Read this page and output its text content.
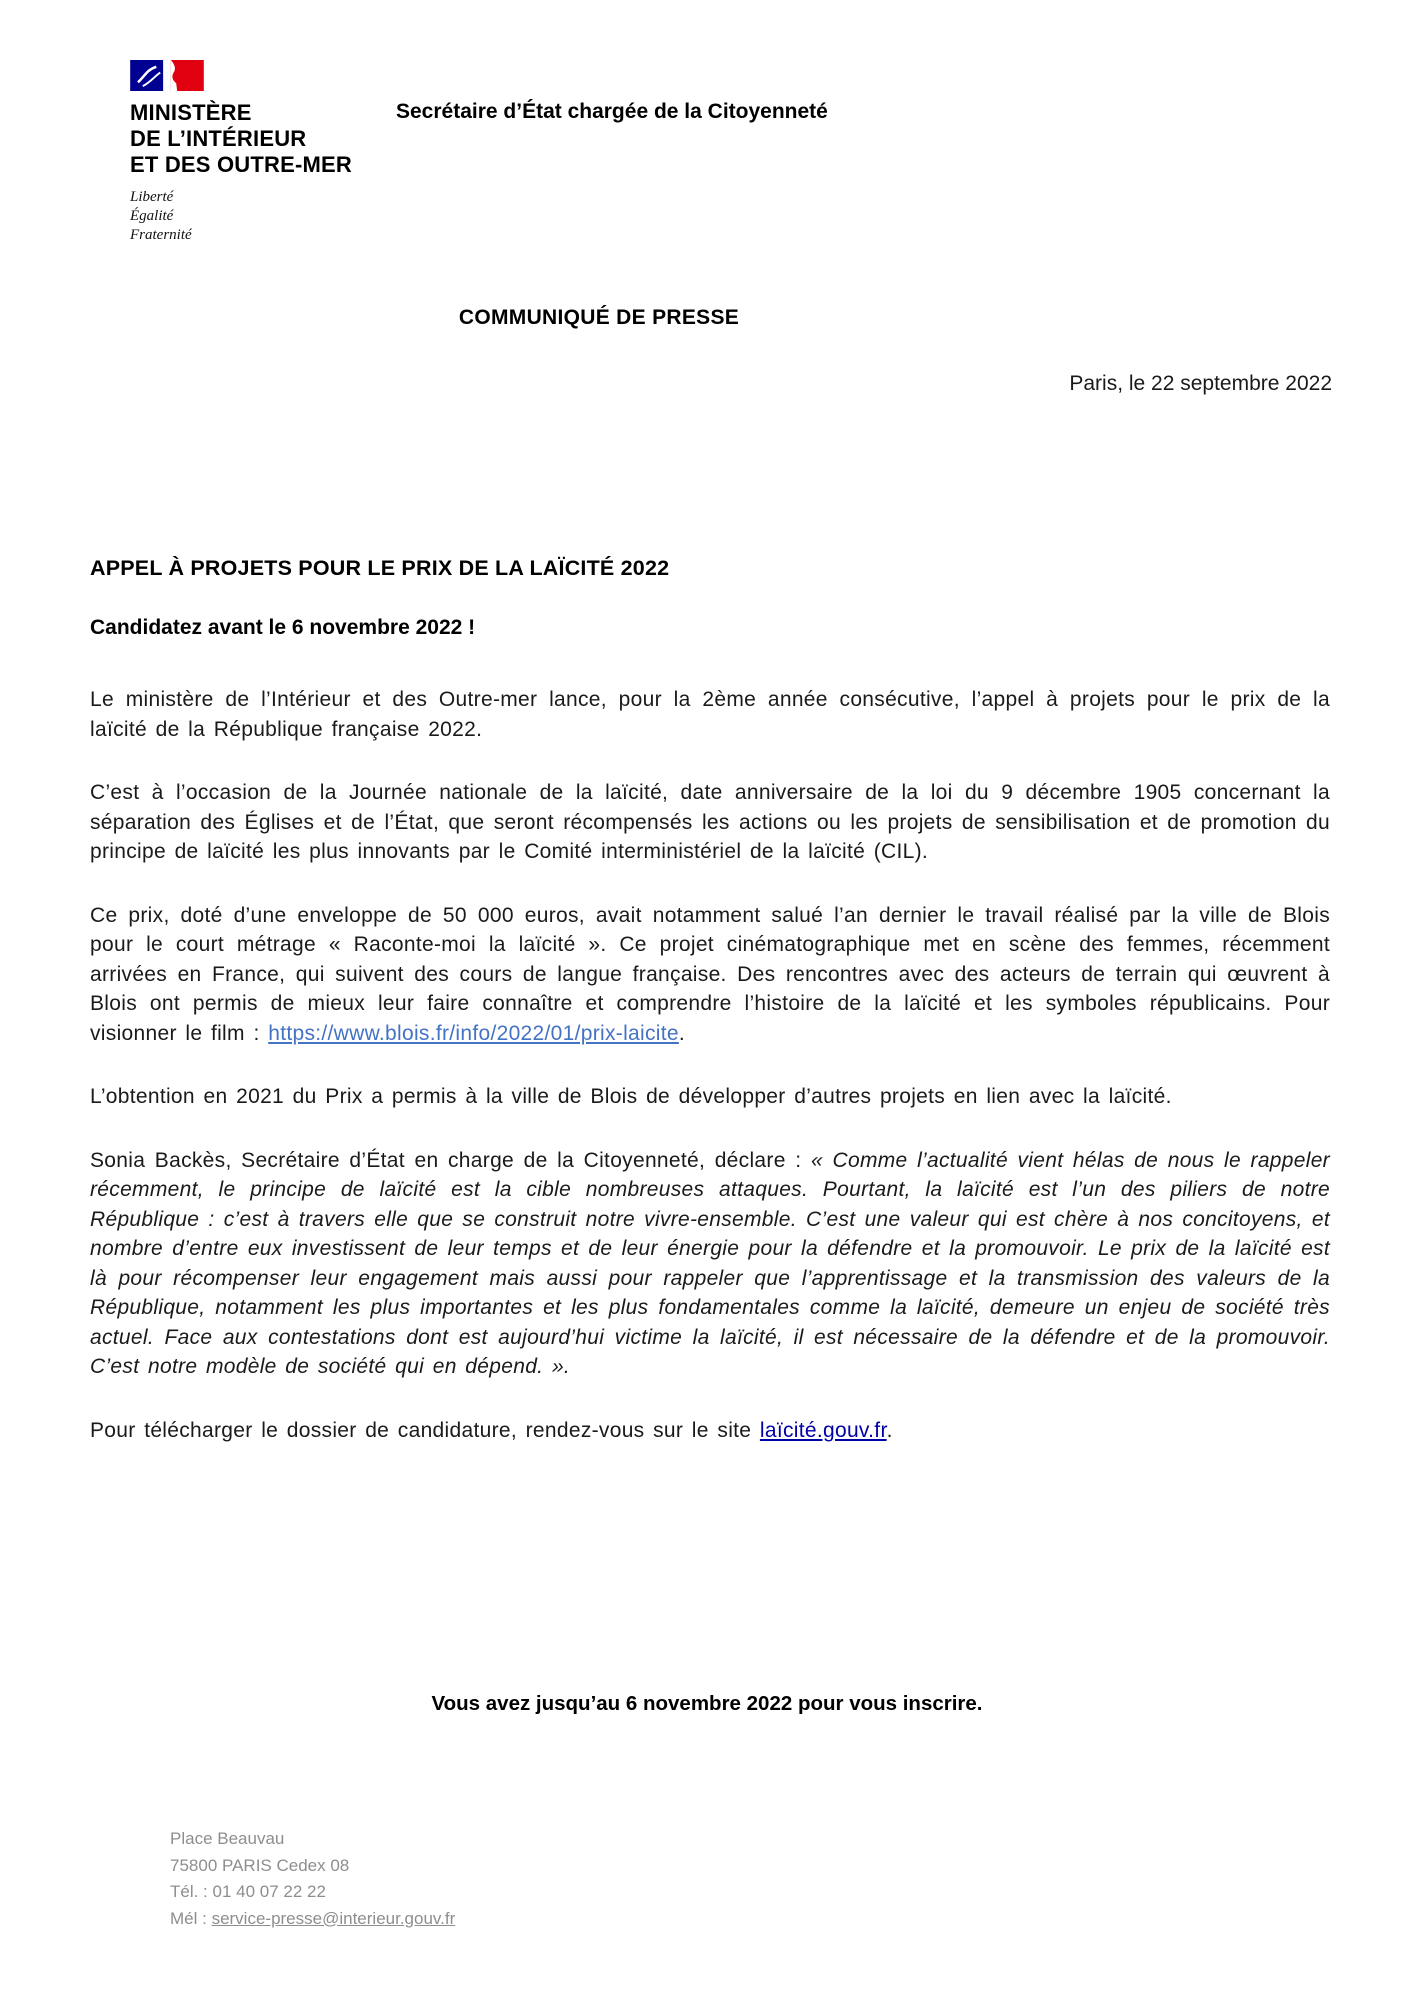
MINISTÈRE
DE L’INTÉRIEUR
ET DES OUTRE-MER
Liberté
Égalité
Fraternité
Secrétaire d’État chargée de la Citoyenneté
COMMUNIQUÉ DE PRESSE
Paris, le 22 septembre 2022
APPEL À PROJETS POUR LE PRIX DE LA LAÏCITÉ 2022
Candidatez avant le 6 novembre 2022 !

Le ministère de l’Intérieur et des Outre-mer lance, pour la 2ème année consécutive, l’appel à projets pour le prix de la laïcité de la République française 2022.

C’est à l’occasion de la Journée nationale de la laïcité, date anniversaire de la loi du 9 décembre 1905 concernant la séparation des Églises et de l’État, que seront récompensés les actions ou les projets de sensibilisation et de promotion du principe de laïcité les plus innovants par le Comité interministériel de la laïcité (CIL).

Ce prix, doté d’une enveloppe de 50 000 euros, avait notamment salué l’an dernier le travail réalisé par la ville de Blois pour le court métrage « Raconte-moi la laïcité ». Ce projet cinématographique met en scène des femmes, récemment arrivées en France, qui suivent des cours de langue française. Des rencontres avec des acteurs de terrain qui œuvrent à Blois ont permis de mieux leur faire connaître et comprendre l’histoire de la laïcité et les symboles républicains. Pour visionner le film : https://www.blois.fr/info/2022/01/prix-laicite.

L’obtention en 2021 du Prix a permis à la ville de Blois de développer d’autres projets en lien avec la laïcité.

Sonia Backès, Secrétaire d’État en charge de la Citoyenneté, déclare : « Comme l’actualité vient hélas de nous le rappeler récemment, le principe de laïcité est la cible nombreuses attaques. Pourtant, la laïcité est l’un des piliers de notre République : c’est à travers elle que se construit notre vivre-ensemble. C’est une valeur qui est chère à nos concitoyens, et nombre d’entre eux investissent de leur temps et de leur énergie pour la défendre et la promouvoir. Le prix de la laïcité est là pour récompenser leur engagement mais aussi pour rappeler que l’apprentissage et la transmission des valeurs de la République, notamment les plus importantes et les plus fondamentales comme la laïcité, demeure un enjeu de société très actuel. Face aux contestations dont est aujourd’hui victime la laïcité, il est nécessaire de la défendre et de la promouvoir. C’est notre modèle de société qui en dépend. ».

Pour télécharger le dossier de candidature, rendez-vous sur le site laïcité.gouv.fr.

Vous avez jusqu’au 6 novembre 2022 pour vous inscrire.
Place Beauvau
75800 PARIS Cedex 08
Tél. : 01 40 07 22 22
Mél : service-presse@interieur.gouv.fr
